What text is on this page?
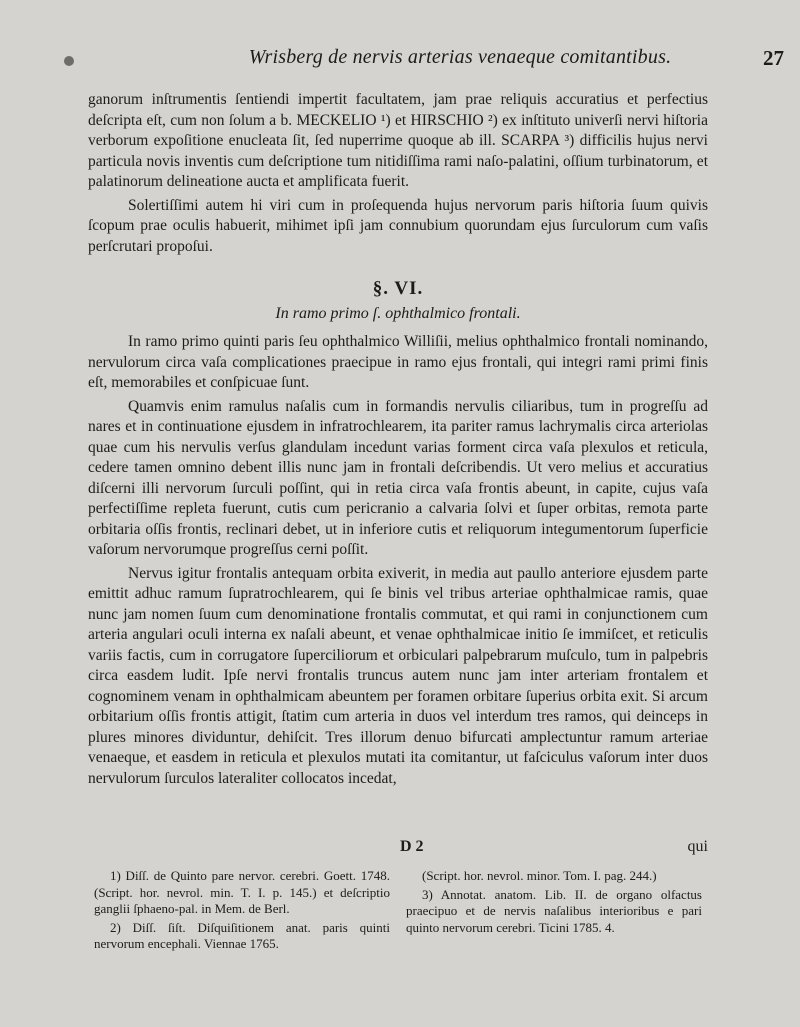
Wrisberg de nervis arterias venaeque comitantibus.	27

ganorum inſtrumentis ſentiendi impertit facultatem, jam prae reliquis accuratius et perfectius deſcripta eſt, cum non ſolum a b. MECKELIO ¹) et HIRSCHIO ²) ex inſtituto univerſi nervi hiſtoria verborum expoſitione enucleata ſit, ſed nuperrime quoque ab ill. SCARPA ³) difficilis hujus nervi particula novis inventis cum deſcriptione tum nitidiſſima rami naſo-palatini, oſſium turbinatorum, et palatinorum delineatione aucta et amplificata fuerit.

Solertiſſimi autem hi viri cum in proſequenda hujus nervorum paris hiſtoria ſuum quivis ſcopum prae oculis habuerit, mihimet ipſi jam connubium quorundam ejus ſurculorum cum vaſis perſcrutari propoſui.

§. VI.
In ramo primo ſ. ophthalmico frontali.

In ramo primo quinti paris ſeu ophthalmico Williſii, melius ophthalmico frontali nominando, nervulorum circa vaſa complicationes praecipue in ramo ejus frontali, qui integri rami primi finis eſt, memorabiles et conſpicuae ſunt.

Quamvis enim ramulus naſalis cum in formandis nervulis ciliaribus, tum in progreſſu ad nares et in continuatione ejusdem in infratrochlearem, ita pariter ramus lachrymalis circa arteriolas quae cum his nervulis verſus glandulam incedunt varias forment circa vaſa plexulos et reticula, cedere tamen omnino debent illis nunc jam in frontali deſcribendis. Ut vero melius et accuratius diſcerni illi nervorum ſurculi poſſint, qui in retia circa vaſa frontis abeunt, in capite, cujus vaſa perfectiſſime repleta fuerunt, cutis cum pericranio a calvaria ſolvi et ſuper orbitas, remota parte orbitaria oſſis frontis, reclinari debet, ut in inferiore cutis et reliquorum integumentorum ſuperficie vaſorum nervorumque progreſſus cerni poſſit.

Nervus igitur frontalis antequam orbita exiverit, in media aut paullo anteriore ejusdem parte emittit adhuc ramum ſupratrochlearem, qui ſe binis vel tribus arteriae ophthalmicae ramis, quae nunc jam nomen ſuum cum denominatione frontalis commutat, et qui rami in conjunctionem cum arteria angulari oculi interna ex naſali abeunt, et venae ophthalmicae initio ſe immiſcet, et reticulis variis factis, cum in corrugatore ſuperciliorum et orbiculari palpebrarum muſculo, tum in palpebris circa easdem ludit. Ipſe nervi frontalis truncus autem nunc jam inter arteriam frontalem et cognominem venam in ophthalmicam abeuntem per foramen orbitare ſuperius orbita exit. Si arcum orbitarium oſſis frontis attigit, ſtatim cum arteria in duos vel interdum tres ramos, qui deinceps in plures minores dividuntur, dehiſcit. Tres illorum denuo bifurcati amplectuntur ramum arteriae venaeque, et easdem in reticula et plexulos mutati ita comitantur, ut faſciculus vaſorum inter duos nervulorum ſurculos lateraliter collocatos incedat,

D 2	qui

1) Diſſ. de Quinto pare nervor. cerebri. Goett. 1748. (Script. hor. nevrol. min. T. I. p. 145.) et deſcriptio ganglii ſphaeno-pal. in Mem. de Berl.

2) Diſſ. ſiſt. Diſquiſitionem anat. paris quinti nervorum encephali. Viennae 1765.

(Script. hor. nevrol. minor. Tom. I. pag. 244.)

3) Annotat. anatom. Lib. II. de organo olfactus praecipuo et de nervis naſalibus interioribus e pari quinto nervorum cerebri. Ticini 1785. 4.
